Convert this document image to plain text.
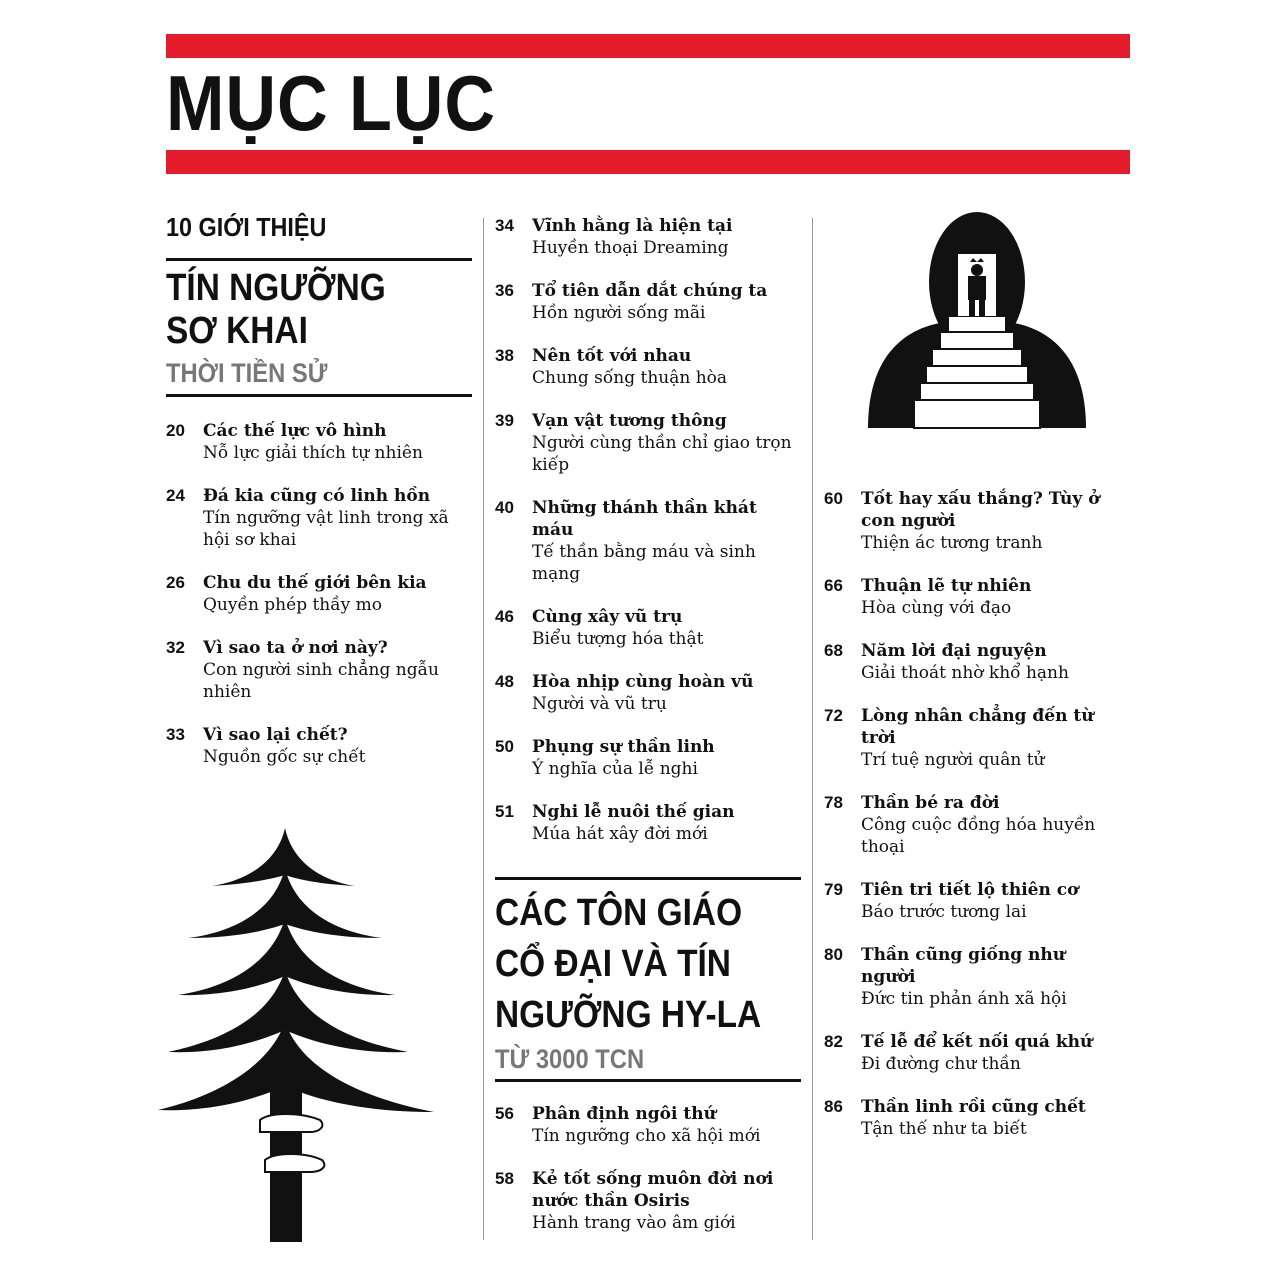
MỤC LỤC
10 GIỚI THIỆU
TÍN NGƯỠNG
SƠ KHAI
THỜI TIỀN SỬ
20	Các thế lực vô hình
Nỗ lực giải thích tự nhiên
24	Đá kia cũng có linh hồn
Tín ngưỡng vật linh trong xã hội sơ khai
26	Chu du thế giới bên kia
Quyền phép thầy mo
32	Vì sao ta ở nơi này?
Con người sinh chẳng ngẫu nhiên
33	Vì sao lại chết?
Nguồn gốc sự chết
34	Vĩnh hằng là hiện tại
Huyền thoại Dreaming
36	Tổ tiên dẫn dắt chúng ta
Hồn người sống mãi
38	Nên tốt với nhau
Chung sống thuận hòa
39	Vạn vật tương thông
Người cùng thần chỉ giao trọn kiếp
40	Những thánh thần khát máu
Tế thần bằng máu và sinh mạng
46	Cùng xây vũ trụ
Biểu tượng hóa thật
48	Hòa nhịp cùng hoàn vũ
Người và vũ trụ
50	Phụng sự thần linh
Ý nghĩa của lễ nghi
51	Nghi lễ nuôi thế gian
Múa hát xây đời mới
CÁC TÔN GIÁO
CỔ ĐẠI VÀ TÍN
NGƯỠNG HY-LA
TỪ 3000 TCN
56	Phân định ngôi thứ
Tín ngưỡng cho xã hội mới
58	Kẻ tốt sống muôn đời nơi nước thần Osiris
Hành trang vào âm giới
60	Tốt hay xấu thắng? Tùy ở con người
Thiện ác tương tranh
66	Thuận lẽ tự nhiên
Hòa cùng với đạo
68	Năm lời đại nguyện
Giải thoát nhờ khổ hạnh
72	Lòng nhân chẳng đến từ trời
Trí tuệ người quân tử
78	Thần bé ra đời
Công cuộc đồng hóa huyền thoại
79	Tiên tri tiết lộ thiên cơ
Báo trước tương lai
80	Thần cũng giống như người
Đức tin phản ánh xã hội
82	Tế lễ để kết nối quá khứ
Đi đường chư thần
86	Thần linh rồi cũng chết
Tận thế như ta biết
